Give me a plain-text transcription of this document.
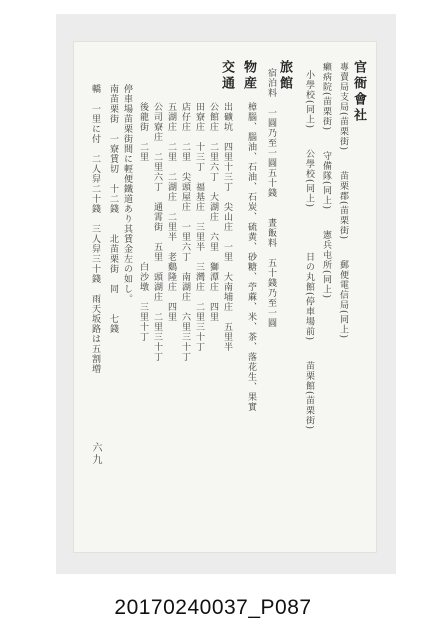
官衙會社
專賣局支局(苗栗街)　　苗栗郡(苗栗街)　　郵便電信局(同上)
癩病院(苗栗街)　　守備隊(同上)　　憲兵屯所(同上)
小學校(同上)　　公學校(同上)
旅館
日の丸館(停車場前)　　苗栗館(苗栗街)
宿泊料　一圓乃至一圓五十錢　　晝飯料　五十錢乃至一圓
物産
樟腦、腦油、石油、石炭、硫黄、砂糖、苧蔴、米、茶、落花生、果實
交通
出礦坑　四里十三丁　尖山庄　一里　大南埔庄　五里半
公館庄　二里六丁　大湖庄　六里　獅潭庄　四里
田寮庄　十三丁　福基庄　三里半　三灣庄　二里三十丁
店仔庄　二里　尖頭屋庄　一里六丁　南湖庄　六里三十丁
五湖庄　二里　二湖庄　二里半　老鷄隆庄　四里
公司寮庄　二里六丁　通霄街　五里　頭湖庄　二里三十丁
後龍街　二里　　　　　　　　　　白沙墩　三里十丁
停車場苗栗街間に輕便鐵道あり其賃金左の如し。
南苗栗街　一寮賃切　十二錢　　北苗栗街　同　　七錢
轎　一里に付　二人舁二十錢　三人舁三十錢　雨天坂路は五割増
六九
20170240037_P087
